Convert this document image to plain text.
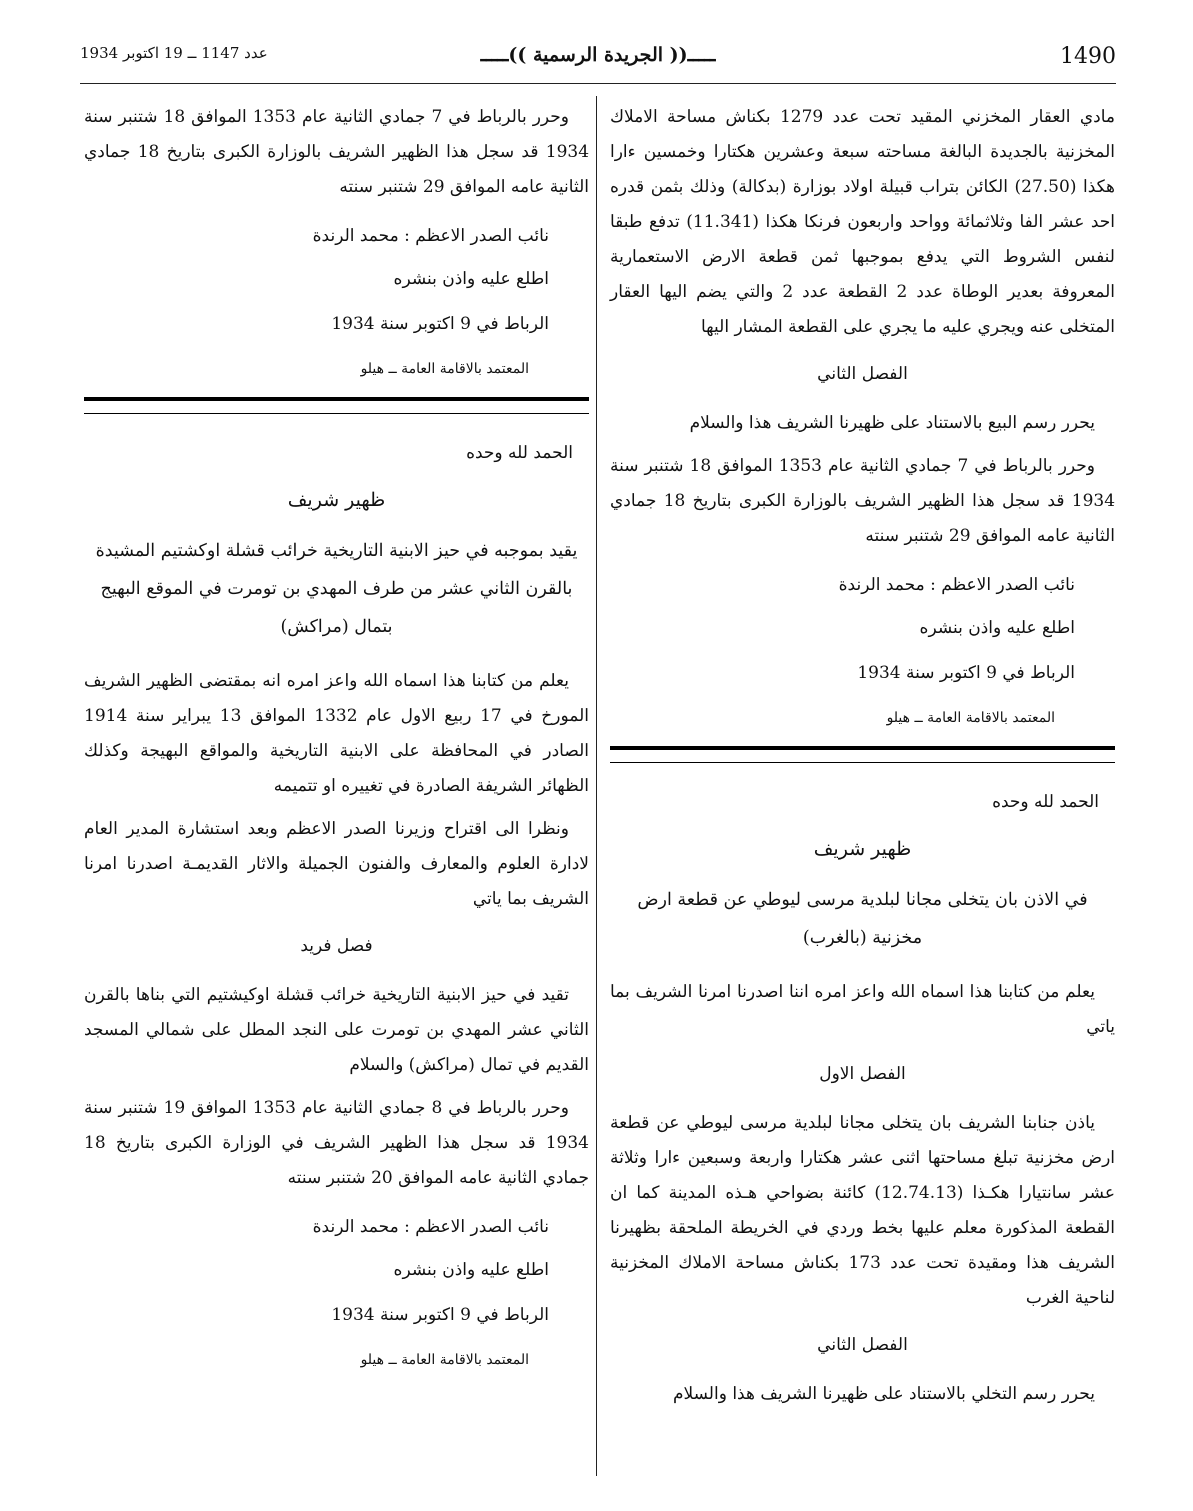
عدد 1147 ــ 19 اكتوبر 1934	ـــــ(( الجريدة الرسمية ))ـــــ	1490

مادي العقار المخزني المقيد تحت عدد 1279 بكناش مساحة الاملاك المخزنية بالجديدة البالغة مساحته سبعة وعشرين هكتارا وخمسين ءارا هكذا (27.50) الكائن بتراب قبيلة اولاد بوزارة (بدكالة) وذلك بثمن قدره احد عشر الفا وثلاثمائة وواحد واربعون فرنكا هكذا (11.341) تدفع طبقا لنفس الشروط التي يدفع بموجبها ثمن قطعة الارض الاستعمارية المعروفة بعدير الوطاة عدد 2 القطعة عدد 2 والتي يضم اليها العقار المتخلى عنه ويجري عليه ما يجري على القطعة المشار اليها

الفصل الثاني

يحرر رسم البيع بالاستناد على ظهيرنا الشريف هذا والسلام

وحرر بالرباط في 7 جمادي الثانية عام 1353 الموافق 18 شتنبر سنة 1934 قد سجل هذا الظهير الشريف بالوزارة الكبرى بتاريخ 18 جمادي الثانية عامه الموافق 29 شتنبر سنته

نائب الصدر الاعظم : محمد الرندة
اطلع عليه واذن بنشره
الرباط في 9 اكتوبر سنة 1934
المعتمد بالاقامة العامة ــ هيلو
الحمد لله وحده
ظهير شريف
في الاذن بان يتخلى مجانا لبلدية مرسى ليوطي عن قطعة ارض مخزنية (بالغرب)

يعلم من كتابنا هذا اسماه الله واعز امره اننا اصدرنا امرنا الشريف بما ياتي

الفصل الاول

ياذن جنابنا الشريف بان يتخلى مجانا لبلدية مرسى ليوطي عن قطعة ارض مخزنية تبلغ مساحتها اثنى عشر هكتارا واربعة وسبعين ءارا وثلاثة عشر سانتيارا هكـذا (12.74.13) كائنة بضواحي هـذه المدينة كما ان القطعة المذكورة معلم عليها بخط وردي في الخريطة الملحقة بظهيرنا الشريف هذا ومقيدة تحت عدد 173 بكناش مساحة الاملاك المخزنية لناحية الغرب

الفصل الثاني

يحرر رسم التخلي بالاستناد على ظهيرنا الشريف هذا والسلام

وحرر بالرباط في 7 جمادي الثانية عام 1353 الموافق 18 شتنبر سنة 1934 قد سجل هذا الظهير الشريف بالوزارة الكبرى بتاريخ 18 جمادي الثانية عامه الموافق 29 شتنبر سنته

نائب الصدر الاعظم : محمد الرندة
اطلع عليه واذن بنشره
الرباط في 9 اكتوبر سنة 1934
المعتمد بالاقامة العامة ــ هيلو
الحمد لله وحده
ظهير شريف
يقيد بموجبه في حيز الابنية التاريخية خرائب قشلة اوكشتيم المشيدة بالقرن الثاني عشر من طرف المهدي بن تومرت في الموقع البهيج بتمال (مراكش)

يعلم من كتابنا هذا اسماه الله واعز امره انه بمقتضى الظهير الشريف المورخ في 17 ربيع الاول عام 1332 الموافق 13 يبراير سنة 1914 الصادر في المحافظة على الابنية التاريخية والمواقع البهيجة وكذلك الظهائر الشريفة الصادرة في تغييره او تتميمه

ونظرا الى اقتراح وزيرنا الصدر الاعظم وبعد استشارة المدير العام لادارة العلوم والمعارف والفنون الجميلة والاثار القديمـة اصدرنا امرنا الشريف بما ياتي

فصل فريد

تقيد في حيز الابنية التاريخية خرائب قشلة اوكيشتيم التي بناها بالقرن الثاني عشر المهدي بن تومرت على النجد المطل على شمالي المسجد القديم في تمال (مراكش) والسلام

وحرر بالرباط في 8 جمادي الثانية عام 1353 الموافق 19 شتنبر سنة 1934 قد سجل هذا الظهير الشريف في الوزارة الكبرى بتاريخ 18 جمادي الثانية عامه الموافق 20 شتنبر سنته

نائب الصدر الاعظم : محمد الرندة
اطلع عليه واذن بنشره
الرباط في 9 اكتوبر سنة 1934
المعتمد بالاقامة العامة ــ هيلو
